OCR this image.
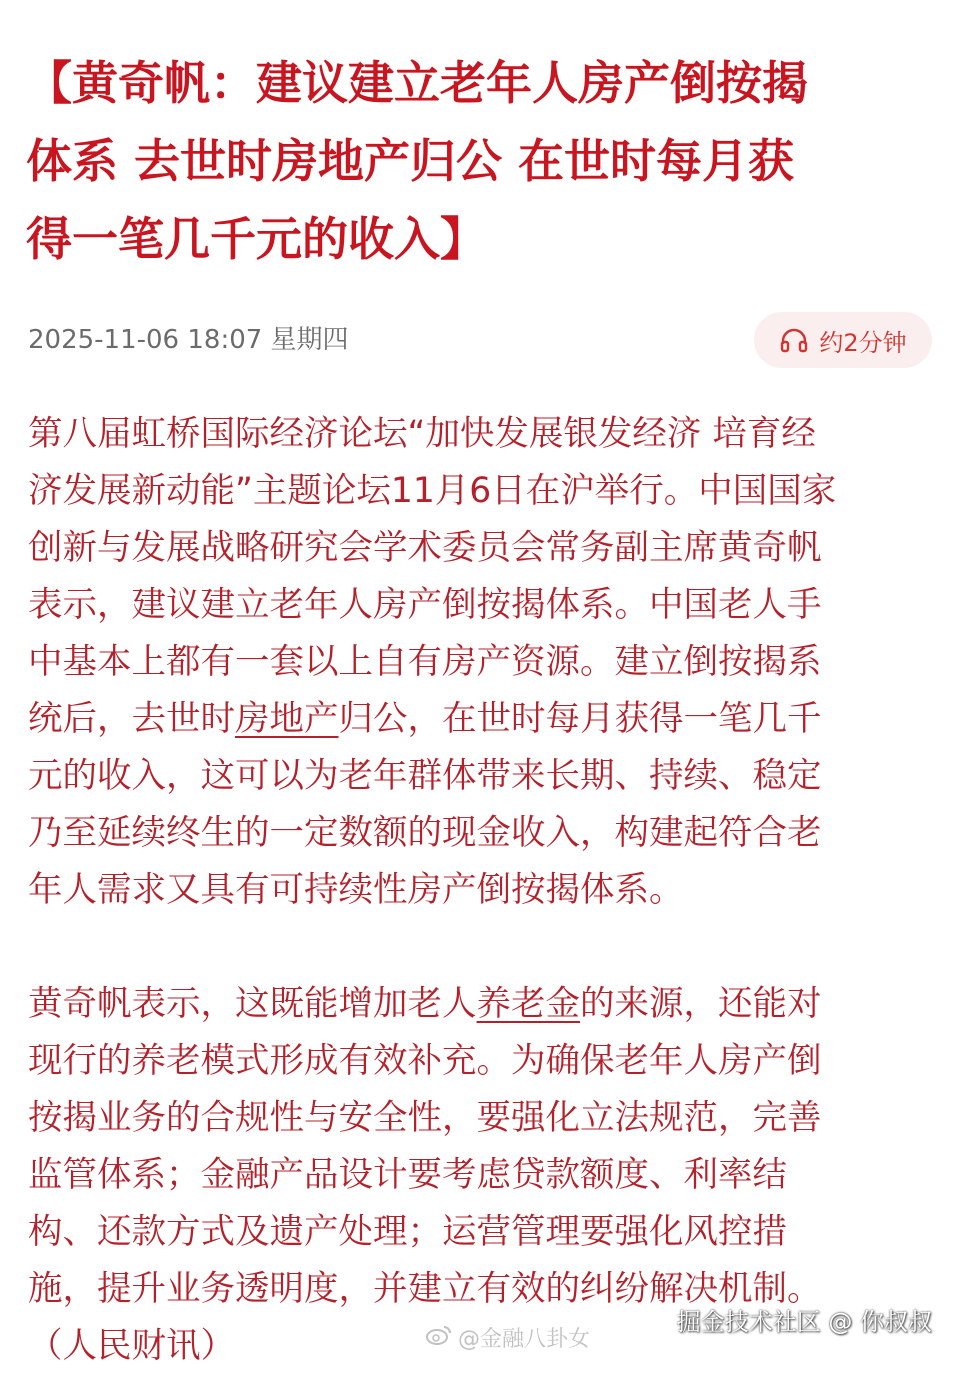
【黄奇帆：建议建立老年人房产倒按揭
体系 去世时房地产归公 在世时每月获
得一笔几千元的收入】
2025-11-06 18:07 星期四	约2分钟
第八届虹桥国际经济论坛“加快发展银发经济 培育经
济发展新动能”主题论坛11月6日在沪举行。中国国家
创新与发展战略研究会学术委员会常务副主席黄奇帆
表示，建议建立老年人房产倒按揭体系。中国老人手
中基本上都有一套以上自有房产资源。建立倒按揭系
统后，去世时房地产归公，在世时每月获得一笔几千
元的收入，这可以为老年群体带来长期、持续、稳定
乃至延续终生的一定数额的现金收入，构建起符合老
年人需求又具有可持续性房产倒按揭体系。
黄奇帆表示，这既能增加老人养老金的来源，还能对
现行的养老模式形成有效补充。为确保老年人房产倒
按揭业务的合规性与安全性，要强化立法规范，完善
监管体系；金融产品设计要考虑贷款额度、利率结
构、还款方式及遗产处理；运营管理要强化风控措
施，提升业务透明度，并建立有效的纠纷解决机制。
（人民财讯）	@金融八卦女
掘金技术社区 @ 你叔叔
